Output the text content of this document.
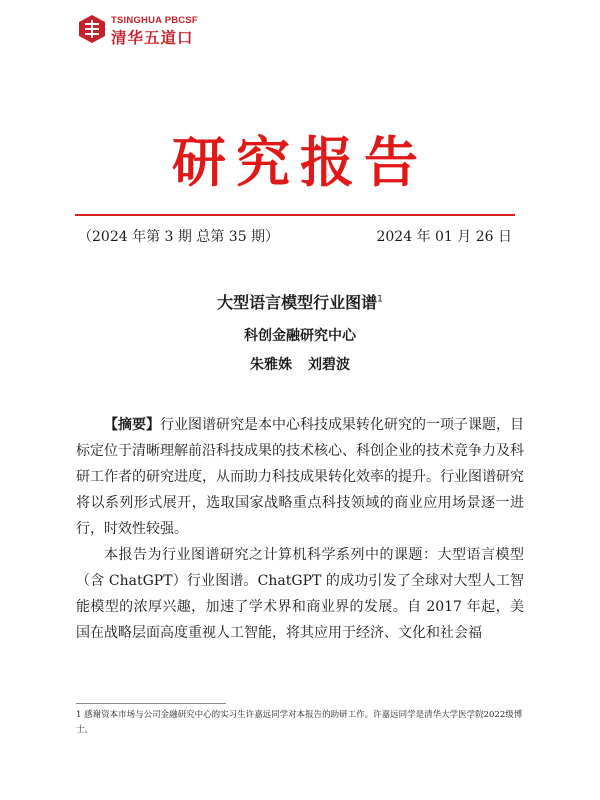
TSINGHUA PBCSF
清华五道口
研究报告
（2024 年第 3 期 总第 35 期）	2024 年 01 月 26 日
大型语言模型行业图谱$^1$
科创金融研究中心
朱雅姝 刘碧波

【摘要】行业图谱研究是本中心科技成果转化研究的一项子课题，目标定位于清晰理解前沿科技成果的技术核心、科创企业的技术竞争力及科研工作者的研究进度，从而助力科技成果转化效率的提升。行业图谱研究将以系列形式展开，选取国家战略重点科技领域的商业应用场景逐一进行，时效性较强。

本报告为行业图谱研究之计算机科学系列中的课题：大型语言模型（含 ChatGPT）行业图谱。ChatGPT 的成功引发了全球对大型人工智能模型的浓厚兴趣，加速了学术界和商业界的发展。自 2017 年起，美国在战略层面高度重视人工智能，将其应用于经济、文化和社会福

1 感谢资本市场与公司金融研究中心的实习生许嘉远同学对本报告的助研工作。许嘉远同学是清华大学医学院2022级博士。
